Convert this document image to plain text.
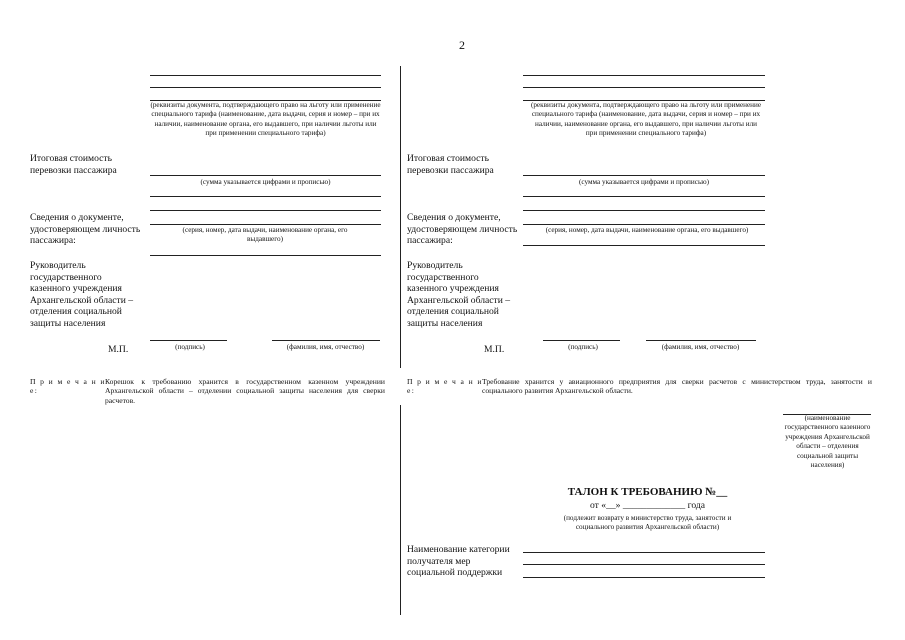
2
(реквизиты документа, подтверждающего право на льготу или применение специального тарифа (наименование, дата выдачи, серия и номер – при их наличии, наименование органа, его выдавшего, при наличии льготы или при применении специального тарифа)
Итоговая стоимость перевозки пассажира
(сумма указывается цифрами и прописью)
Сведения о документе, удостоверяющем личность пассажира:
(серия, номер, дата выдачи, наименование органа, его выдавшего)
Руководитель государственного казенного учреждения Архангельской области – отделения социальной защиты населения
М.П.	(подпись)	(фамилия, имя, отчество)
П р и м е ч а н и е:
Корешок к требованию хранится в государственном казенном учреждении Архангельской области – отделении социальной защиты населения для сверки расчетов.
(реквизиты документа, подтверждающего право на льготу или применение специального тарифа (наименование, дата выдачи, серия и номер – при их наличии, наименование органа, его выдавшего, при наличии льготы или при применении специального тарифа)
Итоговая стоимость перевозки пассажира
(сумма указывается цифрами и прописью)
Сведения о документе, удостоверяющем личность пассажира:
(серия, номер, дата выдачи, наименование органа, его выдавшего)
Руководитель государственного казенного учреждения Архангельской области – отделения социальной защиты населения
М.П.	(подпись)	(фамилия, имя, отчество)
П р и м е ч а н и е:
Требование хранится у авиационного предприятия для сверки расчетов с министерством труда, занятости и социального развития Архангельской области.
(наименование государственного казенного учреждения Архангельской области – отделения социальной защиты населения)
ТАЛОН К ТРЕБОВАНИЮ №__
от «__» _____________ года
(подлежит возврату в министерство труда, занятости и социального развития Архангельской области)
Наименование категории получателя мер социальной поддержки
